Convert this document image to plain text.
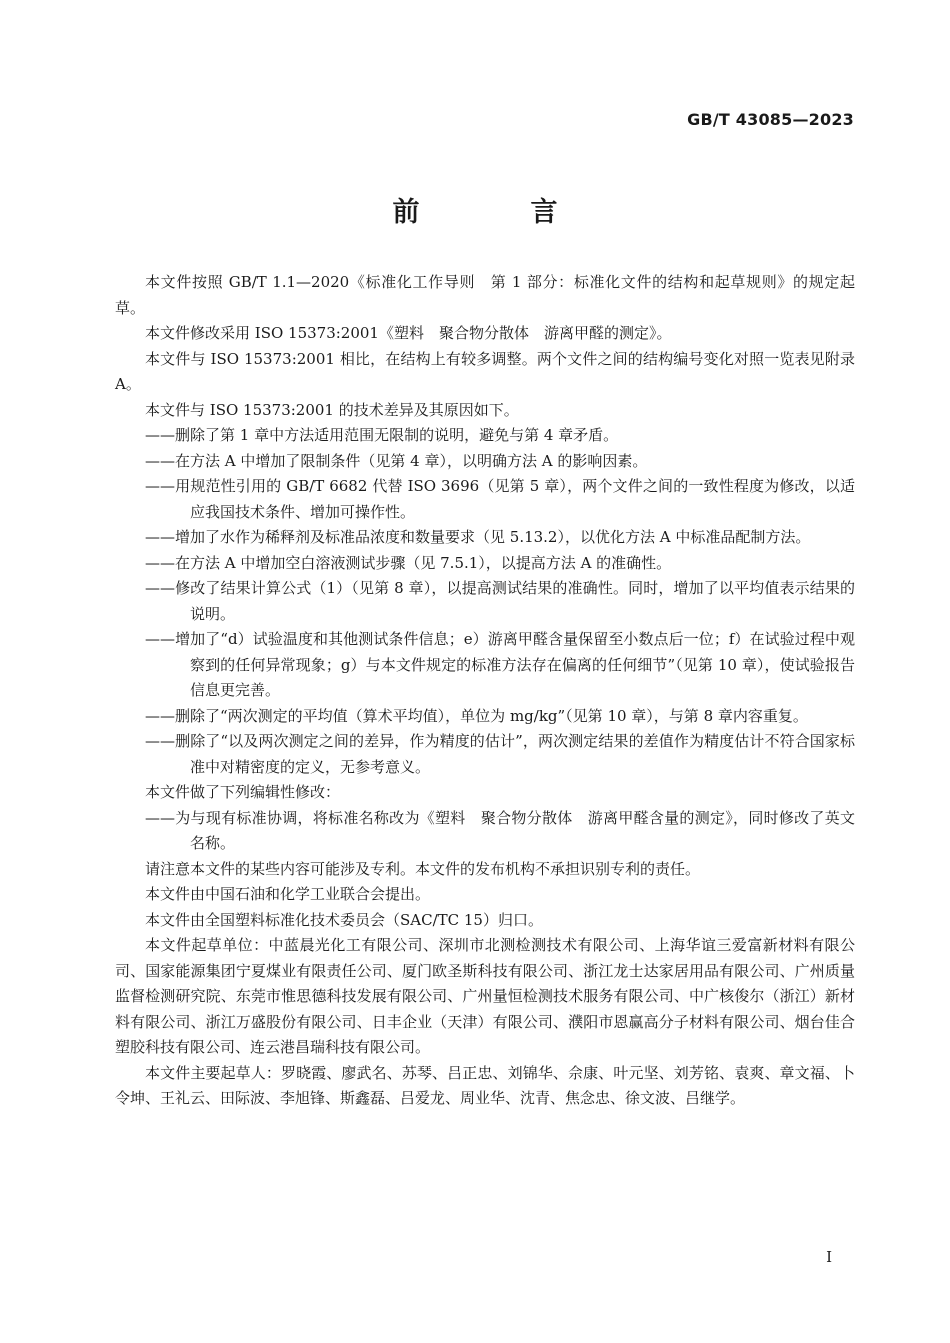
GB/T 43085—2023
前　言

本文件按照 GB/T 1.1—2020《标准化工作导则　第 1 部分：标准化文件的结构和起草规则》的规定起草。

本文件修改采用 ISO 15373:2001《塑料　聚合物分散体　游离甲醛的测定》。

本文件与 ISO 15373:2001 相比，在结构上有较多调整。两个文件之间的结构编号变化对照一览表见附录 A。

本文件与 ISO 15373:2001 的技术差异及其原因如下。

——删除了第 1 章中方法适用范围无限制的说明，避免与第 4 章矛盾。

——在方法 A 中增加了限制条件（见第 4 章），以明确方法 A 的影响因素。

——用规范性引用的 GB/T 6682 代替 ISO 3696（见第 5 章），两个文件之间的一致性程度为修改，以适应我国技术条件、增加可操作性。

——增加了水作为稀释剂及标准品浓度和数量要求（见 5.13.2），以优化方法 A 中标准品配制方法。

——在方法 A 中增加空白溶液测试步骤（见 7.5.1），以提高方法 A 的准确性。

——修改了结果计算公式（1）（见第 8 章），以提高测试结果的准确性。同时，增加了以平均值表示结果的说明。

——增加了“d）试验温度和其他测试条件信息；e）游离甲醛含量保留至小数点后一位；f）在试验过程中观察到的任何异常现象；g）与本文件规定的标准方法存在偏离的任何细节”（见第 10 章），使试验报告信息更完善。

——删除了“两次测定的平均值（算术平均值），单位为 mg/kg”（见第 10 章），与第 8 章内容重复。

——删除了“以及两次测定之间的差异，作为精度的估计”，两次测定结果的差值作为精度估计不符合国家标准中对精密度的定义，无参考意义。

本文件做了下列编辑性修改：

——为与现有标准协调，将标准名称改为《塑料　聚合物分散体　游离甲醛含量的测定》，同时修改了英文名称。

请注意本文件的某些内容可能涉及专利。本文件的发布机构不承担识别专利的责任。

本文件由中国石油和化学工业联合会提出。

本文件由全国塑料标准化技术委员会（SAC/TC 15）归口。

本文件起草单位：中蓝晨光化工有限公司、深圳市北测检测技术有限公司、上海华谊三爱富新材料有限公司、国家能源集团宁夏煤业有限责任公司、厦门欧圣斯科技有限公司、浙江龙士达家居用品有限公司、广州质量监督检测研究院、东莞市惟思德科技发展有限公司、广州量恒检测技术服务有限公司、中广核俊尔（浙江）新材料有限公司、浙江万盛股份有限公司、日丰企业（天津）有限公司、濮阳市恩赢高分子材料有限公司、烟台佳合塑胶科技有限公司、连云港昌瑞科技有限公司。

本文件主要起草人：罗晓霞、廖武名、苏琴、吕正忠、刘锦华、佘康、叶元坚、刘芳铭、袁爽、章文福、卜令坤、王礼云、田际波、李旭锋、斯鑫磊、吕爱龙、周业华、沈青、焦念忠、徐文波、吕继学。

I
